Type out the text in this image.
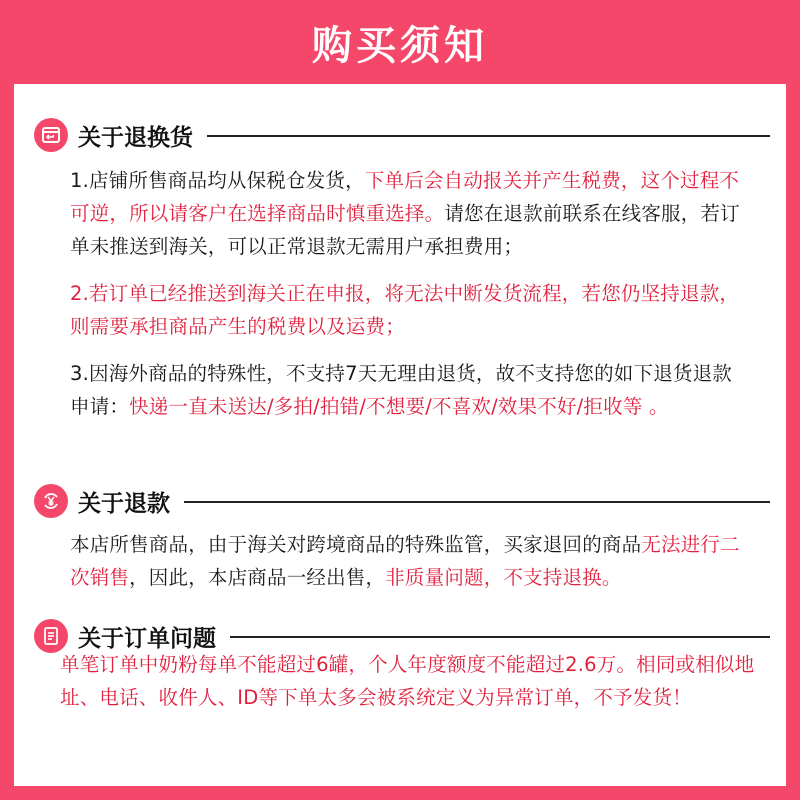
购买须知
关于退换货
1.店铺所售商品均从保税仓发货，下单后会自动报关并产生税费，这个过程不可逆，所以请客户在选择商品时慎重选择。请您在退款前联系在线客服，若订单未推送到海关，可以正常退款无需用户承担费用；
2.若订单已经推送到海关正在申报，将无法中断发货流程，若您仍坚持退款，则需要承担商品产生的税费以及运费；
3.因海外商品的特殊性，不支持7天无理由退货，故不支持您的如下退货退款申请：快递一直未送达/多拍/拍错/不想要/不喜欢/效果不好/拒收等 。
关于退款
本店所售商品，由于海关对跨境商品的特殊监管，买家退回的商品无法进行二次销售，因此，本店商品一经出售，非质量问题，不支持退换。
关于订单问题
单笔订单中奶粉每单不能超过6罐，个人年度额度不能超过2.6万。相同或相似地址、电话、收件人、ID等下单太多会被系统定义为异常订单，不予发货！
